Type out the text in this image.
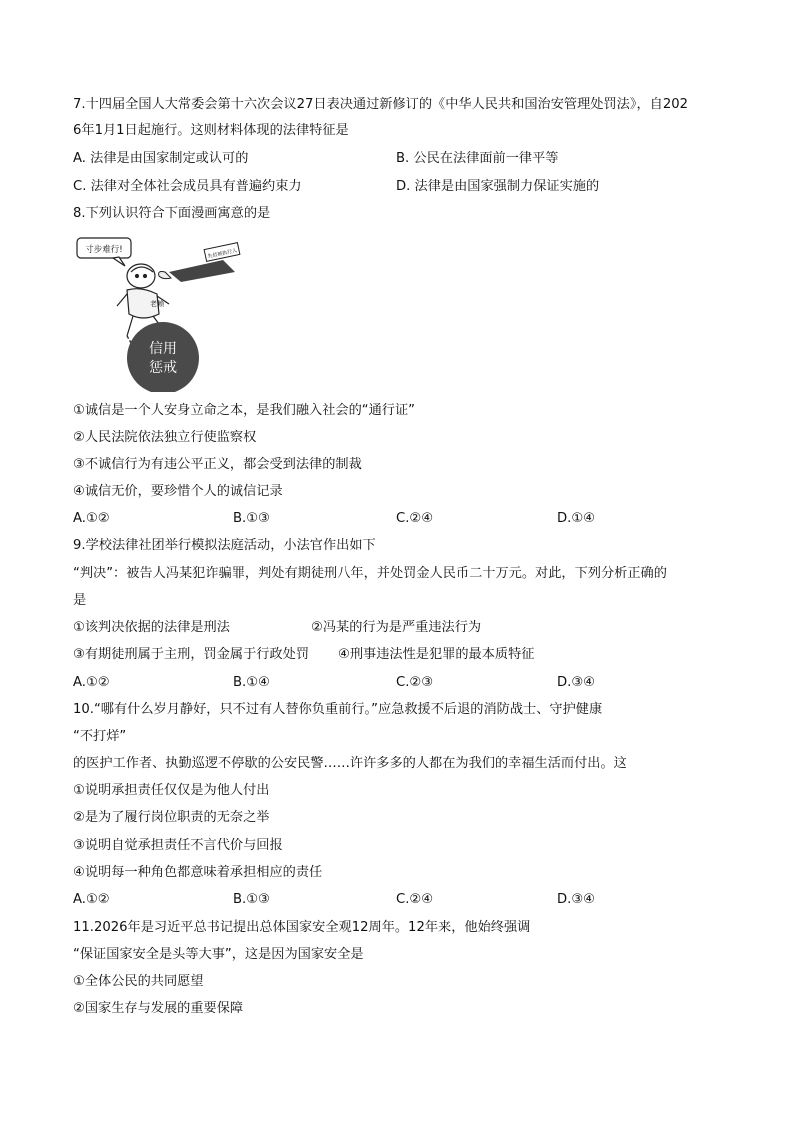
7.十四届全国人大常委会第十六次会议27日表决通过新修订的《中华人民共和国治安管理处罚法》，自202
6年1月1日起施行。这则材料体现的法律特征是
A. 法律是由国家制定或认可的	B. 公民在法律面前一律平等
C. 法律对全体社会成员具有普遍约束力	D. 法律是由国家强制力保证实施的
8.下列认识符合下面漫画寓意的是
寸步难行!	失信被执行人
老赖
信用
惩戒
①诚信是一个人安身立命之本，是我们融入社会的“通行证”
②人民法院依法独立行使监察权
③不诚信行为有违公平正义，都会受到法律的制裁
④诚信无价，要珍惜个人的诚信记录
A.①②	B.①③	C.②④	D.①④
9.学校法律社团举行模拟法庭活动，小法官作出如下
“判决”：被告人冯某犯诈骗罪，判处有期徒刑八年，并处罚金人民币二十万元。对此，下列分析正确的
是
①该判决依据的法律是刑法	②冯某的行为是严重违法行为
③有期徒刑属于主刑，罚金属于行政处罚 ④刑事违法性是犯罪的最本质特征
A.①②	B.①④	C.②③	D.③④
10.“哪有什么岁月静好，只不过有人替你负重前行。”应急救援不后退的消防战士、守护健康
“不打烊”
的医护工作者、执勤巡逻不停歇的公安民警……许许多多的人都在为我们的幸福生活而付出。这
①说明承担责任仅仅是为他人付出
②是为了履行岗位职责的无奈之举
③说明自觉承担责任不言代价与回报
④说明每一种角色都意味着承担相应的责任
A.①②	B.①③	C.②④	D.③④
11.2026年是习近平总书记提出总体国家安全观12周年。12年来，他始终强调
“保证国家安全是头等大事”，这是因为国家安全是
①全体公民的共同愿望
②国家生存与发展的重要保障
